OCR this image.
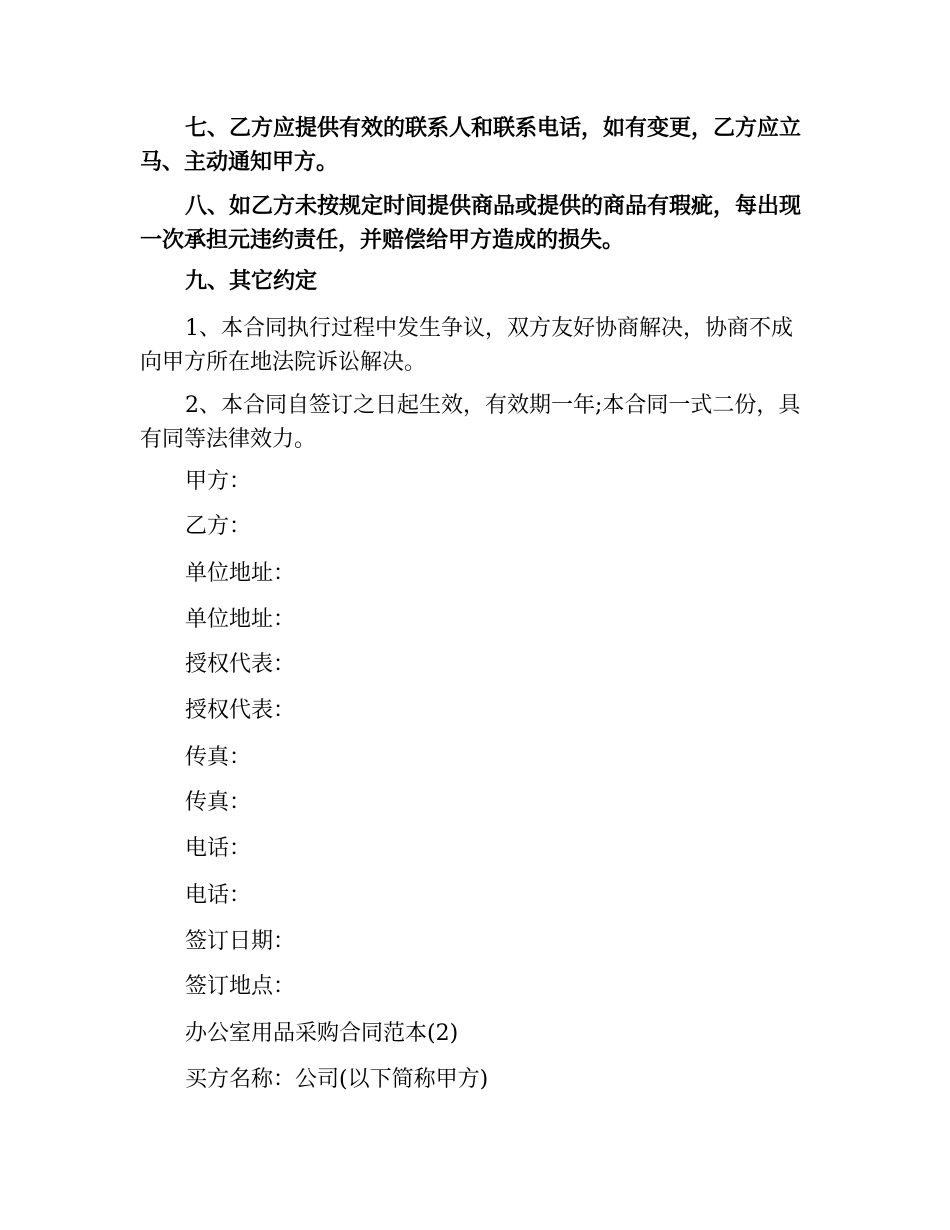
七、乙方应提供有效的联系人和联系电话，如有变更，乙方应立马、主动通知甲方。

八、如乙方未按规定时间提供商品或提供的商品有瑕疵，每出现一次承担元违约责任，并赔偿给甲方造成的损失。

九、其它约定

1、本合同执行过程中发生争议，双方友好协商解决，协商不成向甲方所在地法院诉讼解决。

2、本合同自签订之日起生效，有效期一年;本合同一式二份，具有同等法律效力。

甲方：

乙方：

单位地址：

单位地址：

授权代表：

授权代表：

传真：

传真：

电话：

电话：

签订日期：

签订地点：

办公室用品采购合同范本(2)

买方名称：公司(以下简称甲方)
